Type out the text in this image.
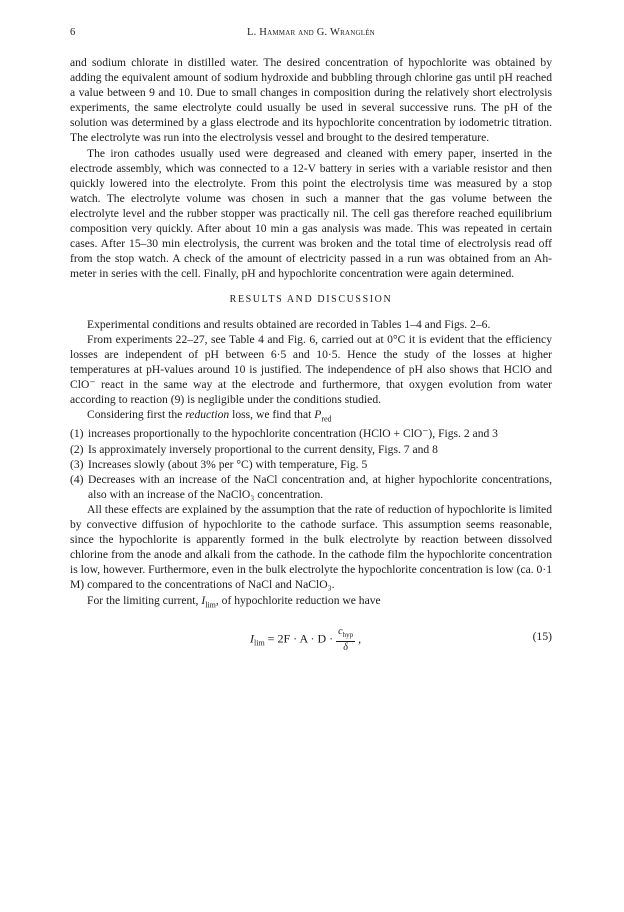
6	L. Hammar and G. Wranglén

and sodium chlorate in distilled water. The desired concentration of hypochlorite was obtained by adding the equivalent amount of sodium hydroxide and bubbling through chlorine gas until pH reached a value between 9 and 10. Due to small changes in composition during the relatively short electrolysis experiments, the same electrolyte could usually be used in several successive runs. The pH of the solution was determined by a glass electrode and its hypochlorite concentration by iodometric titration. The electrolyte was run into the electrolysis vessel and brought to the desired temperature.

The iron cathodes usually used were degreased and cleaned with emery paper, inserted in the electrode assembly, which was connected to a 12-V battery in series with a variable resistor and then quickly lowered into the electrolyte. From this point the electrolysis time was measured by a stop watch. The electrolyte volume was chosen in such a manner that the gas volume between the electrolyte level and the rubber stopper was practically nil. The cell gas therefore reached equilibrium composition very quickly. After about 10 min a gas analysis was made. This was repeated in certain cases. After 15–30 min electrolysis, the current was broken and the total time of electrolysis read off from the stop watch. A check of the amount of electricity passed in a run was obtained from an Ah-meter in series with the cell. Finally, pH and hypochlorite concentration were again determined.

RESULTS AND DISCUSSION

Experimental conditions and results obtained are recorded in Tables 1–4 and Figs. 2–6.

From experiments 22–27, see Table 4 and Fig. 6, carried out at 0°C it is evident that the efficiency losses are independent of pH between 6·5 and 10·5. Hence the study of the losses at higher temperatures at pH-values around 10 is justified. The independence of pH also shows that HClO and ClO⁻ react in the same way at the electrode and furthermore, that oxygen evolution from water according to reaction (9) is negligible under the conditions studied.

Considering first the reduction loss, we find that $P_{red}$

(1) increases proportionally to the hypochlorite concentration (HClO + ClO⁻), Figs. 2 and 3
(2) Is approximately inversely proportional to the current density, Figs. 7 and 8
(3) Increases slowly (about 3% per °C) with temperature, Fig. 5
(4) Decreases with an increase of the NaCl concentration and, at higher hypochlorite concentrations, also with an increase of the NaClO₃ concentration.

All these effects are explained by the assumption that the rate of reduction of hypochlorite is limited by convective diffusion of hypochlorite to the cathode surface. This assumption seems reasonable, since the hypochlorite is apparently formed in the bulk electrolyte by reaction between dissolved chlorine from the anode and alkali from the cathode. In the cathode film the hypochlorite concentration is low, however. Furthermore, even in the bulk electrolyte the hypochlorite concentration is low (ca. 0·1 M) compared to the concentrations of NaCl and NaClO₃.

For the limiting current, $I_{lim}$, of hypochlorite reduction we have

$I_{lim} = 2F \cdot A \cdot D \cdot \frac{c_{hyp}}{\delta}$ ,	(15)
